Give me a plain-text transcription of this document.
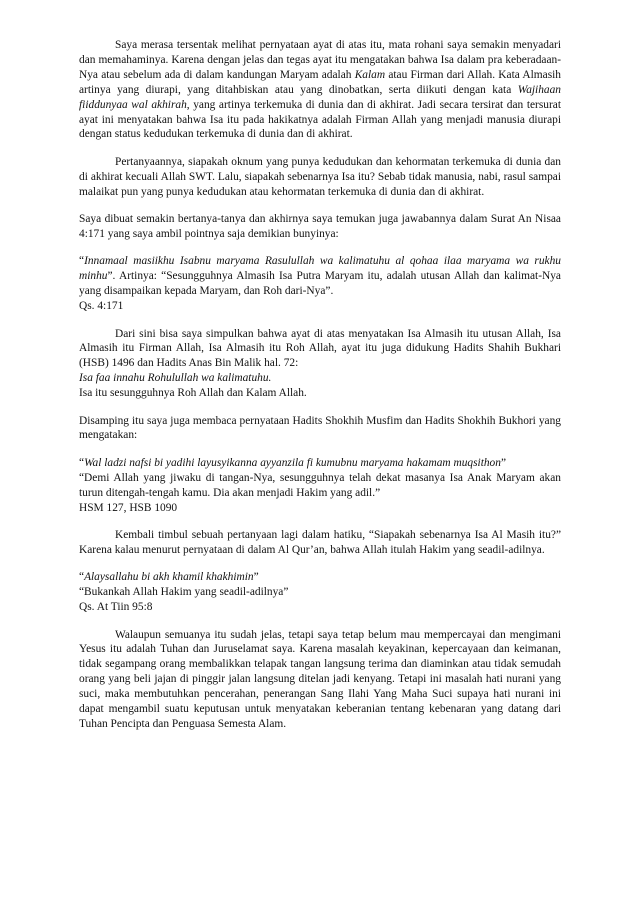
Saya merasa tersentak melihat pernyataan ayat di atas itu, mata rohani saya semakin menyadari dan memahaminya. Karena dengan jelas dan tegas ayat itu mengatakan bahwa Isa dalam pra keberadaan-Nya atau sebelum ada di dalam kandungan Maryam adalah Kalam atau Firman dari Allah. Kata Almasih artinya yang diurapi, yang ditahbiskan atau yang dinobatkan, serta diikuti dengan kata Wajihaan fiiddunyaa wal akhirah, yang artinya terkemuka di dunia dan di akhirat. Jadi secara tersirat dan tersurat ayat ini menyatakan bahwa Isa itu pada hakikatnya adalah Firman Allah yang menjadi manusia diurapi dengan status kedudukan terkemuka di dunia dan di akhirat.

Pertanyaannya, siapakah oknum yang punya kedudukan dan kehormatan terkemuka di dunia dan di akhirat kecuali Allah SWT. Lalu, siapakah sebenarnya Isa itu? Sebab tidak manusia, nabi, rasul sampai malaikat pun yang punya kedudukan atau kehormatan terkemuka di dunia dan di akhirat.

Saya dibuat semakin bertanya-tanya dan akhirnya saya temukan juga jawabannya dalam Surat An Nisaa 4:171 yang saya ambil pointnya saja demikian bunyinya:

“Innamaal masiikhu Isabnu maryama Rasulullah wa kalimatuhu al qohaa ilaa maryama wa rukhu minhu”. Artinya: “Sesungguhnya Almasih Isa Putra Maryam itu, adalah utusan Allah dan kalimat-Nya yang disampaikan kepada Maryam, dan Roh dari-Nya”.
Qs. 4:171

Dari sini bisa saya simpulkan bahwa ayat di atas menyatakan Isa Almasih itu utusan Allah, Isa Almasih itu Firman Allah, Isa Almasih itu Roh Allah, ayat itu juga didukung Hadits Shahih Bukhari (HSB) 1496 dan Hadits Anas Bin Malik hal. 72:
Isa faa innahu Rohulullah wa kalimatuhu.
Isa itu sesungguhnya Roh Allah dan Kalam Allah.

Disamping itu saya juga membaca pernyataan Hadits Shokhih Musfim dan Hadits Shokhih Bukhori yang mengatakan:

“Wal ladzi nafsi bi yadihi layusyikanna ayyanzila fi kumubnu maryama hakamam muqsithon”
“Demi Allah yang jiwaku di tangan-Nya, sesungguhnya telah dekat masanya Isa Anak Maryam akan turun ditengah-tengah kamu. Dia akan menjadi Hakim yang adil.”
HSM 127, HSB 1090

Kembali timbul sebuah pertanyaan lagi dalam hatiku, “Siapakah sebenarnya Isa Al Masih itu?” Karena kalau menurut pernyataan di dalam Al Qur’an, bahwa Allah itulah Hakim yang seadil-adilnya.

“Alaysallahu bi akh khamil khakhimin”
“Bukankah Allah Hakim yang seadil-adilnya”
Qs. At Tiin 95:8

Walaupun semuanya itu sudah jelas, tetapi saya tetap belum mau mempercayai dan mengimani Yesus itu adalah Tuhan dan Juruselamat saya. Karena masalah keyakinan, kepercayaan dan keimanan, tidak segampang orang membalikkan telapak tangan langsung terima dan diaminkan atau tidak semudah orang yang beli jajan di pinggir jalan langsung ditelan jadi kenyang. Tetapi ini masalah hati nurani yang suci, maka membutuhkan pencerahan, penerangan Sang Ilahi Yang Maha Suci supaya hati nurani ini dapat mengambil suatu keputusan untuk menyatakan keberanian tentang kebenaran yang datang dari Tuhan Pencipta dan Penguasa Semesta Alam.
